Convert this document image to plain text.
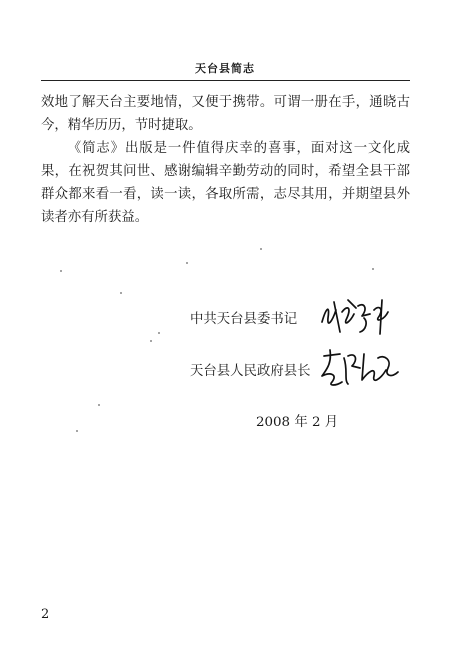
天台县简志

效地了解天台主要地情，又便于携带。可谓一册在手，通晓古今，精华历历，节时捷取。

《简志》出版是一件值得庆幸的喜事，面对这一文化成果，在祝贺其问世、感谢编辑辛勤劳动的同时，希望全县干部群众都来看一看，读一读，各取所需，志尽其用，并期望县外读者亦有所获益。

中共天台县委书记
天台县人民政府县长
2008 年 2 月
2
